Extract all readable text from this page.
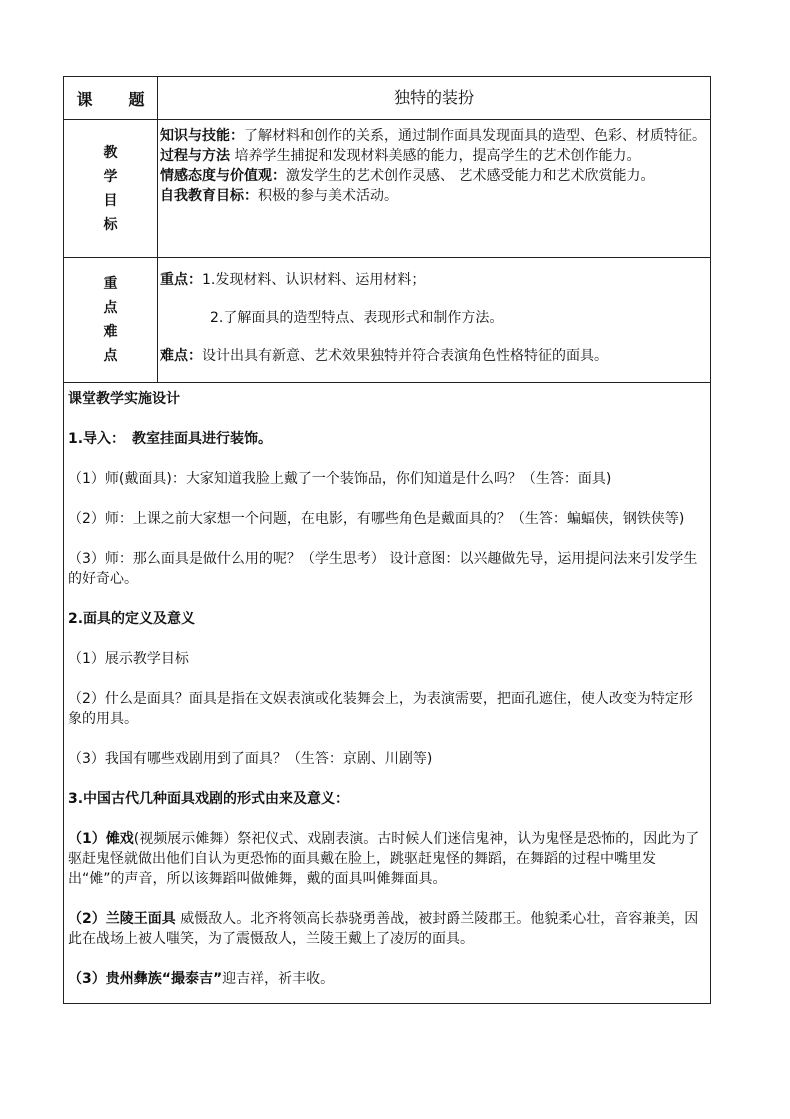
课 题	独特的装扮
教
学
目
标

知识与技能：了解材料和创作的关系，通过制作面具发现面具的造型、色彩、材质特征。

过程与方法 培养学生捕捉和发现材料美感的能力，提高学生的艺术创作能力。

情感态度与价值观：激发学生的艺术创作灵感、 艺术感受能力和艺术欣赏能力。

自我教育目标：积极的参与美术活动。

重
点
难
点

重点：1.发现材料、认识材料、运用材料；

2.了解面具的造型特点、表现形式和制作方法。

难点：设计出具有新意、艺术效果独特并符合表演角色性格特征的面具。

课堂教学实施设计

1.导入：　教室挂面具进行装饰。

（1）师(戴面具)：大家知道我脸上戴了一个装饰品，你们知道是什么吗？（生答：面具)

（2）师：上课之前大家想一个问题，在电影，有哪些角色是戴面具的？（生答：蝙蝠侠，钢铁侠等)

（3）师：那么面具是做什么用的呢？（学生思考） 设计意图：以兴趣做先导，运用提问法来引发学生的好奇心。

2.面具的定义及意义

（1）展示教学目标

（2）什么是面具？面具是指在文娱表演或化装舞会上，为表演需要，把面孔遮住，使人改变为特定形象的用具。

（3）我国有哪些戏剧用到了面具？（生答：京剧、川剧等)

3.中国古代几种面具戏剧的形式由来及意义：

（1）傩戏(视频展示傩舞）祭祀仪式、戏剧表演。古时候人们迷信鬼神，认为鬼怪是恐怖的，因此为了驱赶鬼怪就做出他们自认为更恐怖的面具戴在脸上，跳驱赶鬼怪的舞蹈，在舞蹈的过程中嘴里发出“傩”的声音，所以该舞蹈叫做傩舞，戴的面具叫傩舞面具。

（2）兰陵王面具 威慑敌人。北齐将领高长恭骁勇善战，被封爵兰陵郡王。他貌柔心壮，音容兼美，因此在战场上被人嗤笑，为了震慑敌人，兰陵王戴上了凌厉的面具。

（3）贵州彝族“撮泰吉”迎吉祥，祈丰收。
